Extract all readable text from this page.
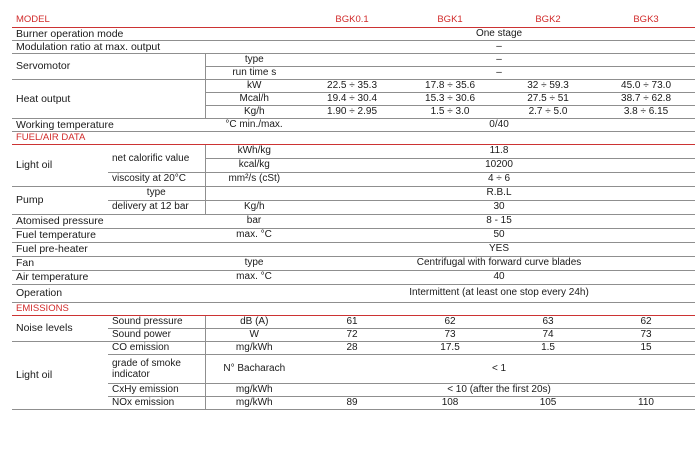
MODEL			BGK0.1	BGK1	BGK2	BGK3
Burner operation mode			One stage			
Modulation ratio at max. output			–			
Servomotor		type	–			
		run time s	–			
Heat output		kW	22.5 ÷ 35.3	17.8 ÷ 35.6	32 ÷ 59.3	45.0 ÷ 73.0
		Mcal/h	19.4 ÷ 30.4	15.3 ÷ 30.6	27.5 ÷ 51	38.7 ÷ 62.8
		Kg/h	1.90 ÷ 2.95	1.5 ÷ 3.0	2.7 ÷ 5.0	3.8 ÷ 6.15
Working temperature		°C min./max.	0/40			
FUEL/AIR DATA						
Light oil	net calorific value	kWh/kg	11.8			
		kcal/kg	10200			
	viscosity at 20°C	mm²/s (cSt)	4 ÷ 6			
Pump	type		R.B.L			
	delivery at 12 bar	Kg/h	30			
Atomised pressure		bar	8 - 15			
Fuel temperature		max. °C	50			
Fuel pre-heater			YES			
Fan		type	Centrifugal with forward curve blades			
Air temperature		max. °C	40			
Operation			Intermittent (at least one stop every 24h)			
EMISSIONS						
Noise levels	Sound pressure	dB (A)	61	62	63	62
	Sound power	W	72	73	74	73
Light oil	CO emission	mg/kWh	28	17.5	1.5	15
	grade of smoke indicator	N° Bacharach	< 1			
	CxHy emission	mg/kWh	< 10 (after the first 20s)			
	NOx emission	mg/kWh	89	108	105	110
